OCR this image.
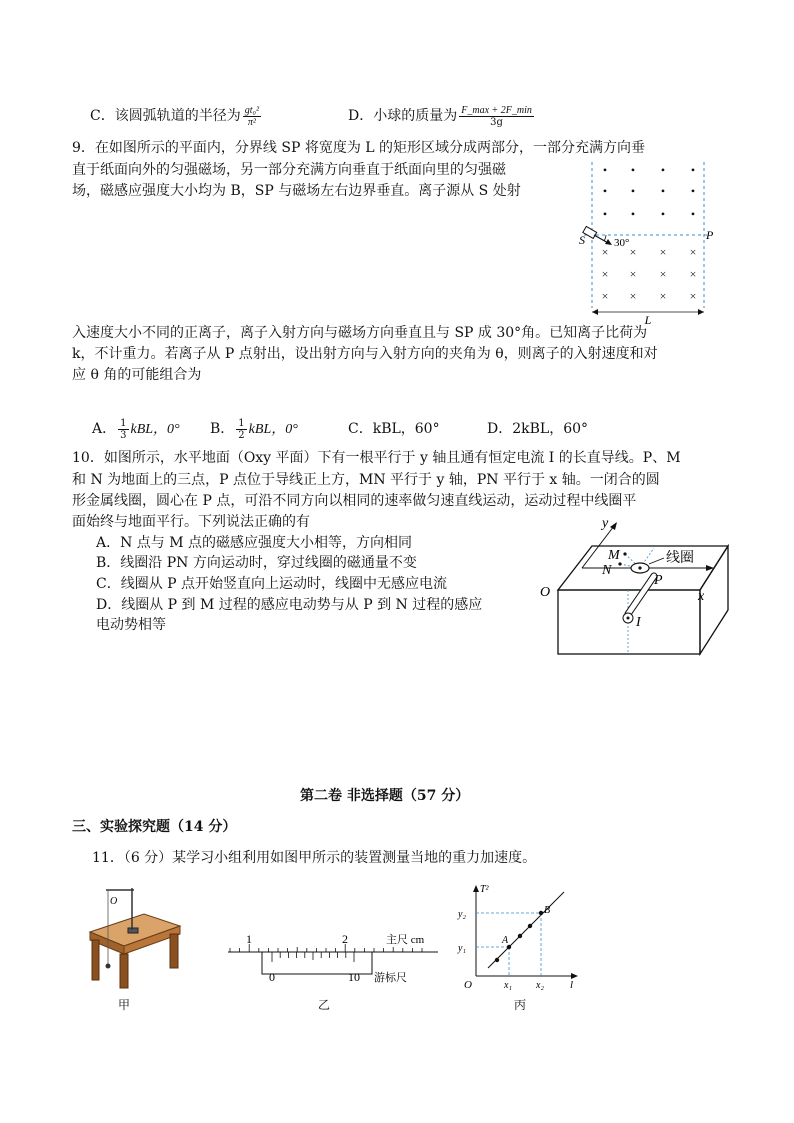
C．该圆弧轨道的半径为 $\frac{\text{gt₀²}}{\text{π²}}$	D．小球的质量为 $\frac{F\_\max + 2F\_\min}{3g}$
9．在如图所示的平面内，分界线 SP 将宽度为 L 的矩形区域分成两部分，一部分充满方向垂
直于纸面向外的匀强磁场，另一部分充满方向垂直于纸面向里的匀强磁
场，磁感应强度大小均为 B，SP 与磁场左右边界垂直。离子源从 S 处射
• • • •
• • • •
• • • •
× × × ×
× × × ×
× × × ×
S	P
30°
L
入速度大小不同的正离子，离子入射方向与磁场方向垂直且与 SP 成 30°角。已知离子比荷为
k，不计重力。若离子从 P 点射出，设出射方向与入射方向的夹角为 θ，则离子的入射速度和对
应 θ 角的可能组合为
A． $\frac{1}{3}$ kBL，0° B． $\frac{1}{2}$ kBL，0°	C．kBL，60°	D．2kBL，60°
10．如图所示，水平地面（Oxy 平面）下有一根平行于 y 轴且通有恒定电流 I 的长直导线。P、M
和 N 为地面上的三点，P 点位于导线正上方，MN 平行于 y 轴，PN 平行于 x 轴。一闭合的圆
形金属线圈，圆心在 P 点，可沿不同方向以相同的速率做匀速直线运动，运动过程中线圈平
面始终与地面平行。下列说法正确的有
A．N 点与 M 点的磁感应强度大小相等，方向相同
B．线圈沿 PN 方向运动时，穿过线圈的磁通量不变
C．线圈从 P 点开始竖直向上运动时，线圈中无感应电流
D．线圈从 P 到 M 过程的感应电动势与从 P 到 N 过程的感应
电动势相等
M
N
P
线圈
y
x
O
I
第二卷 非选择题（57 分）
三、实验探究题（14 分）
11．（6 分）某学习小组利用如图甲所示的装置测量当地的重力加速度。
O
甲
1	2	主尺 cm
0	10 游标尺
乙
T²
y₂
y₁
O	x₁ x₂ l
A
B
丙
